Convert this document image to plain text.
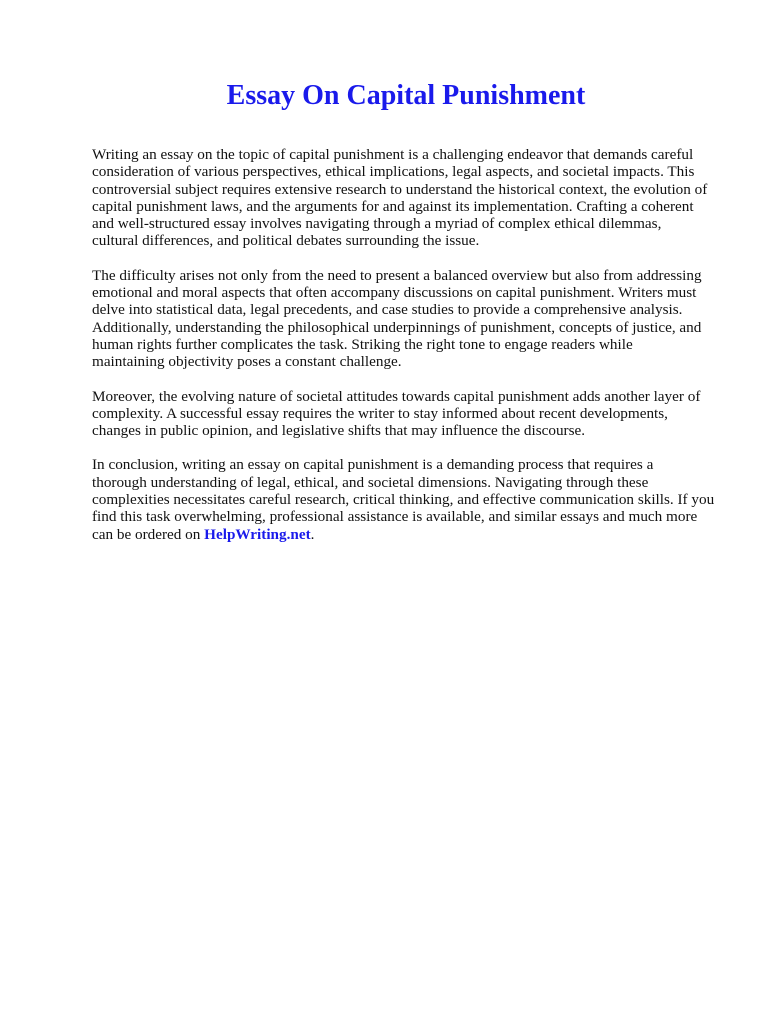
Essay On Capital Punishment

Writing an essay on the topic of capital punishment is a challenging endeavor that demands careful
consideration of various perspectives, ethical implications, legal aspects, and societal impacts. This
controversial subject requires extensive research to understand the historical context, the evolution of
capital punishment laws, and the arguments for and against its implementation. Crafting a coherent
and well-structured essay involves navigating through a myriad of complex ethical dilemmas,
cultural differences, and political debates surrounding the issue.

The difficulty arises not only from the need to present a balanced overview but also from addressing
emotional and moral aspects that often accompany discussions on capital punishment. Writers must
delve into statistical data, legal precedents, and case studies to provide a comprehensive analysis.
Additionally, understanding the philosophical underpinnings of punishment, concepts of justice, and
human rights further complicates the task. Striking the right tone to engage readers while
maintaining objectivity poses a constant challenge.

Moreover, the evolving nature of societal attitudes towards capital punishment adds another layer of
complexity. A successful essay requires the writer to stay informed about recent developments,
changes in public opinion, and legislative shifts that may influence the discourse.

In conclusion, writing an essay on capital punishment is a demanding process that requires a
thorough understanding of legal, ethical, and societal dimensions. Navigating through these
complexities necessitates careful research, critical thinking, and effective communication skills. If you
find this task overwhelming, professional assistance is available, and similar essays and much more
can be ordered on HelpWriting.net.
